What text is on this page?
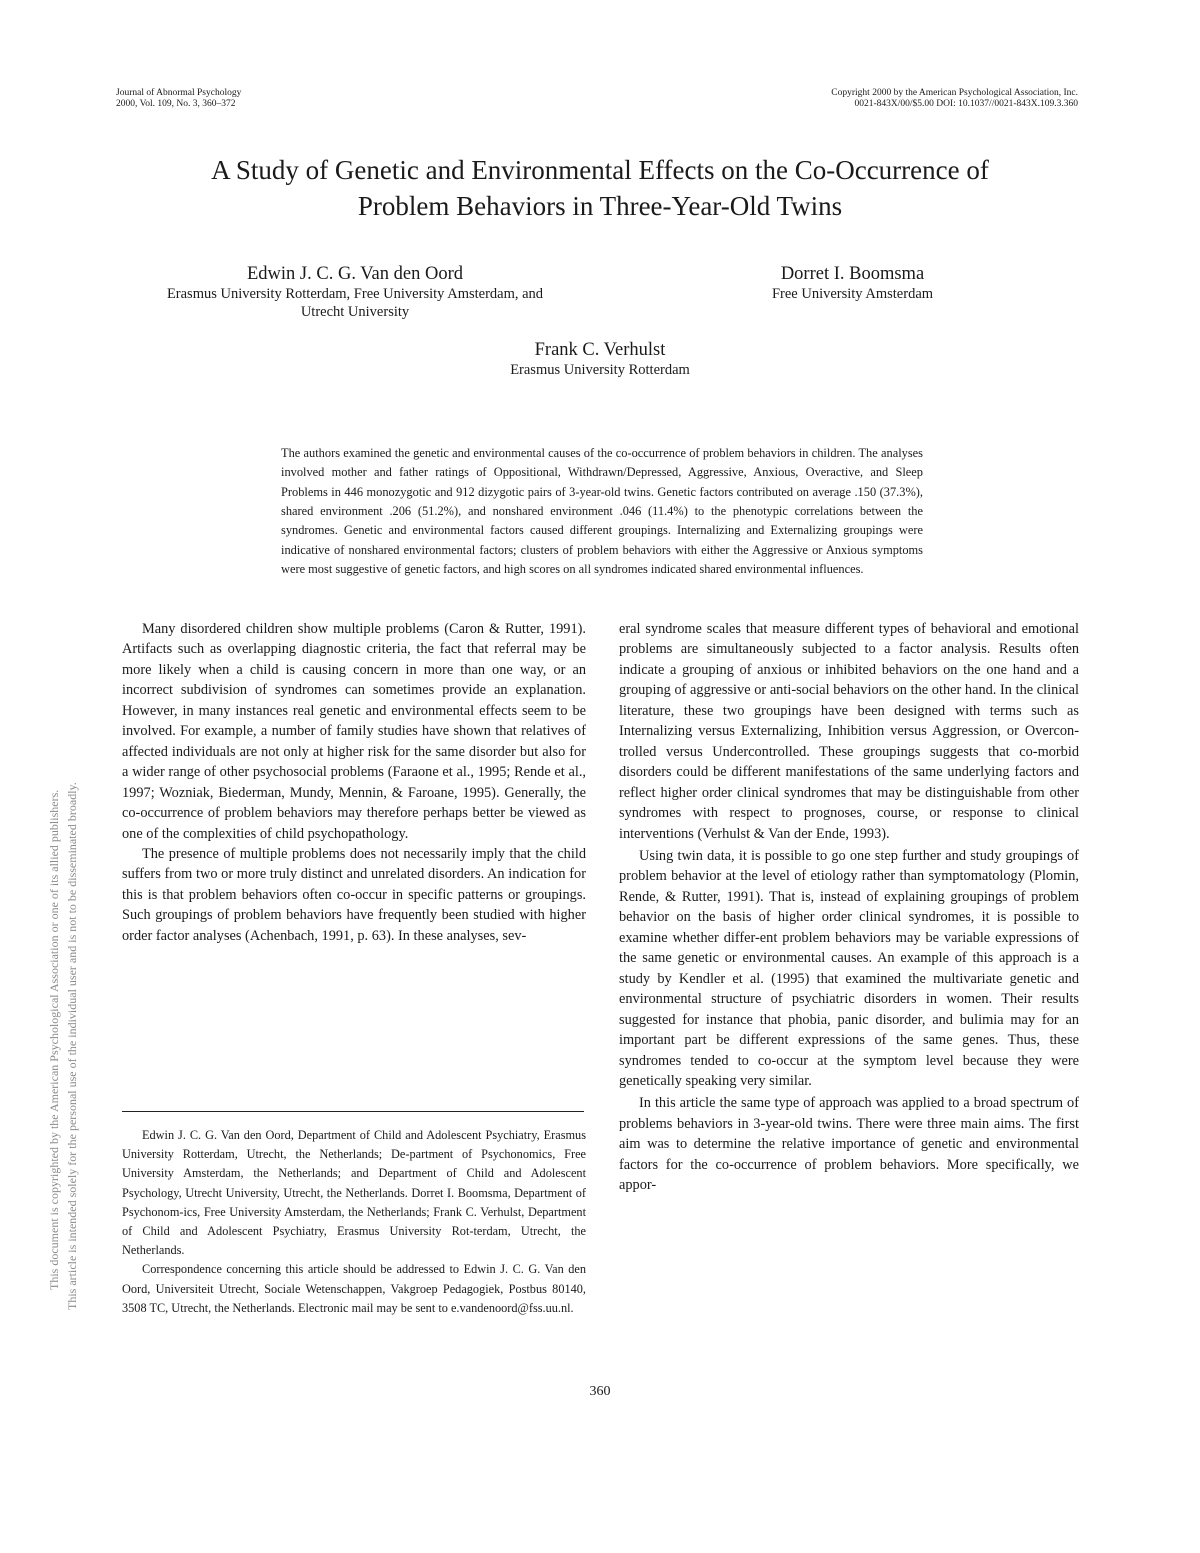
Journal of Abnormal Psychology
2000, Vol. 109, No. 3, 360–372
Copyright 2000 by the American Psychological Association, Inc.
0021-843X/00/$5.00 DOI: 10.1037//0021-843X.109.3.360
A Study of Genetic and Environmental Effects on the Co-Occurrence of
Problem Behaviors in Three-Year-Old Twins
Edwin J. C. G. Van den Oord
Erasmus University Rotterdam, Free University Amsterdam, and
Utrecht University
Dorret I. Boomsma
Free University Amsterdam
Frank C. Verhulst
Erasmus University Rotterdam
The authors examined the genetic and environmental causes of the co-occurrence of problem behaviors in children. The analyses involved mother and father ratings of Oppositional, Withdrawn/Depressed, Aggressive, Anxious, Overactive, and Sleep Problems in 446 monozygotic and 912 dizygotic pairs of 3-year-old twins. Genetic factors contributed on average .150 (37.3%), shared environment .206 (51.2%), and nonshared environment .046 (11.4%) to the phenotypic correlations between the syndromes. Genetic and environmental factors caused different groupings. Internalizing and Externalizing groupings were indicative of nonshared environmental factors; clusters of problem behaviors with either the Aggressive or Anxious symptoms were most suggestive of genetic factors, and high scores on all syndromes indicated shared environmental influences.
This document is copyrighted by the American Psychological Association or one of its allied publishers. This article is intended solely for the personal use of the individual user and is not to be disseminated broadly.

Many disordered children show multiple problems (Caron & Rutter, 1991). Artifacts such as overlapping diagnostic criteria, the fact that referral may be more likely when a child is causing concern in more than one way, or an incorrect subdivision of syndromes can sometimes provide an explanation. However, in many instances real genetic and environmental effects seem to be involved. For example, a number of family studies have shown that relatives of affected individuals are not only at higher risk for the same disorder but also for a wider range of other psychosocial problems (Faraone et al., 1995; Rende et al., 1997; Wozniak, Biederman, Mundy, Mennin, & Faroane, 1995). Generally, the co-occurrence of problem behaviors may therefore perhaps better be viewed as one of the complexities of child psychopathology.

The presence of multiple problems does not necessarily imply that the child suffers from two or more truly distinct and unrelated disorders. An indication for this is that problem behaviors often co-occur in specific patterns or groupings. Such groupings of problem behaviors have frequently been studied with higher order factor analyses (Achenbach, 1991, p. 63). In these analyses, sev-

eral syndrome scales that measure different types of behavioral and emotional problems are simultaneously subjected to a factor analysis. Results often indicate a grouping of anxious or inhibited behaviors on the one hand and a grouping of aggressive or anti-social behaviors on the other hand. In the clinical literature, these two groupings have been designed with terms such as Internalizing versus Externalizing, Inhibition versus Aggression, or Overcon-trolled versus Undercontrolled. These groupings suggests that co-morbid disorders could be different manifestations of the same underlying factors and reflect higher order clinical syndromes that may be distinguishable from other syndromes with respect to prognoses, course, or response to clinical interventions (Verhulst & Van der Ende, 1993).

Using twin data, it is possible to go one step further and study groupings of problem behavior at the level of etiology rather than symptomatology (Plomin, Rende, & Rutter, 1991). That is, instead of explaining groupings of problem behavior on the basis of higher order clinical syndromes, it is possible to examine whether differ-ent problem behaviors may be variable expressions of the same genetic or environmental causes. An example of this approach is a study by Kendler et al. (1995) that examined the multivariate genetic and environmental structure of psychiatric disorders in women. Their results suggested for instance that phobia, panic disorder, and bulimia may for an important part be different expressions of the same genes. Thus, these syndromes tended to co-occur at the symptom level because they were genetically speaking very similar.

In this article the same type of approach was applied to a broad spectrum of problems behaviors in 3-year-old twins. There were three main aims. The first aim was to determine the relative importance of genetic and environmental factors for the co-occurrence of problem behaviors. More specifically, we appor-

Edwin J. C. G. Van den Oord, Department of Child and Adolescent Psychiatry, Erasmus University Rotterdam, Utrecht, the Netherlands; De-partment of Psychonomics, Free University Amsterdam, the Netherlands; and Department of Child and Adolescent Psychology, Utrecht University, Utrecht, the Netherlands. Dorret I. Boomsma, Department of Psychonom-ics, Free University Amsterdam, the Netherlands; Frank C. Verhulst, Department of Child and Adolescent Psychiatry, Erasmus University Rot-terdam, Utrecht, the Netherlands.

Correspondence concerning this article should be addressed to Edwin J. C. G. Van den Oord, Universiteit Utrecht, Sociale Wetenschappen, Vakgroep Pedagogiek, Postbus 80140, 3508 TC, Utrecht, the Netherlands. Electronic mail may be sent to e.vandenoord@fss.uu.nl.

360
